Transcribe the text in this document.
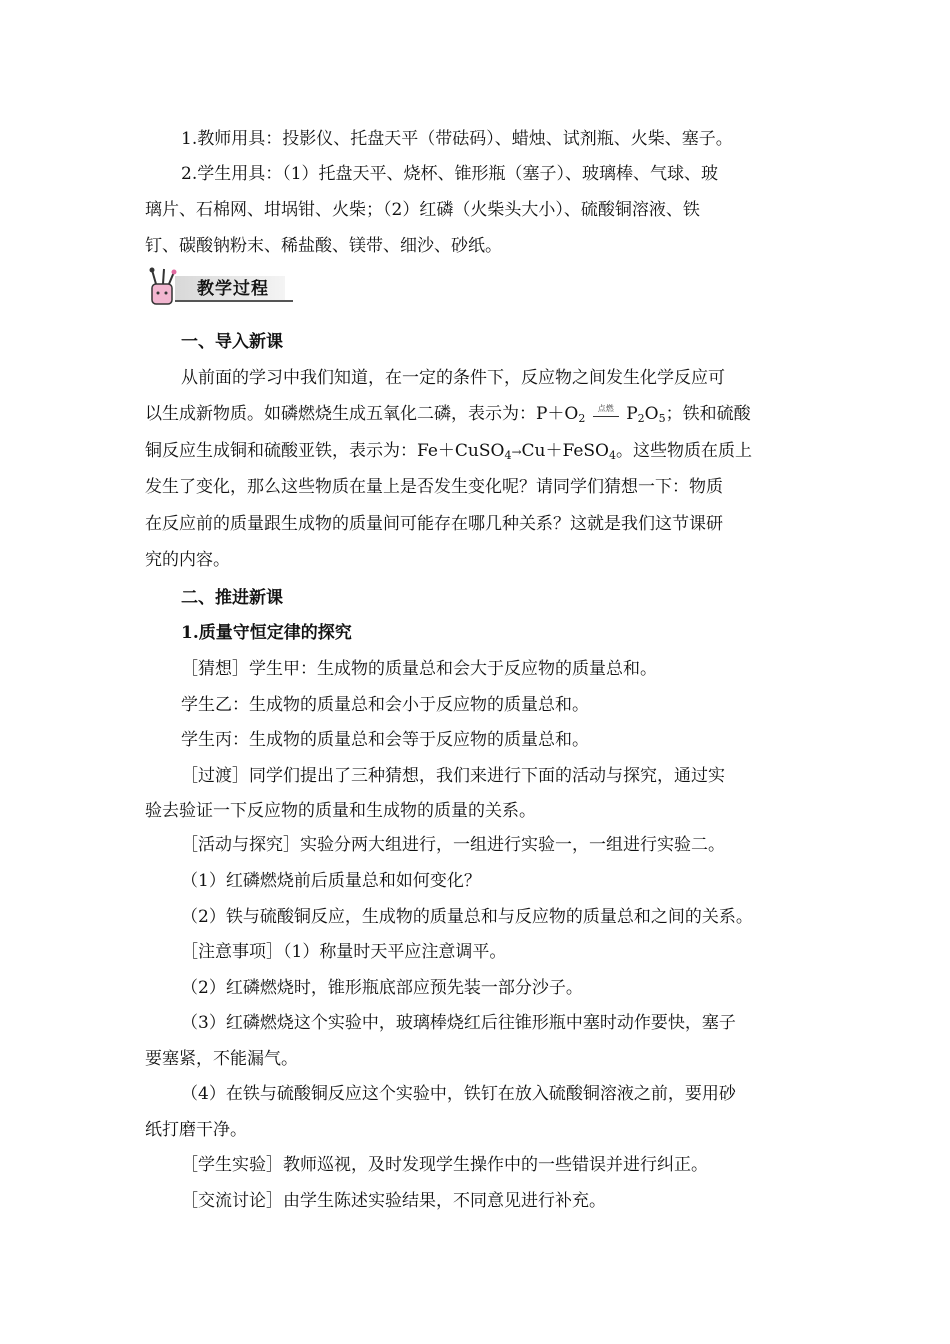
1.教师用具：投影仪、托盘天平（带砝码）、蜡烛、试剂瓶、火柴、塞子。
2.学生用具：（1）托盘天平、烧杯、锥形瓶（塞子）、玻璃棒、气球、玻
璃片、石棉网、坩埚钳、火柴；（2）红磷（火柴头大小）、硫酸铜溶液、铁
钉、碳酸钠粉末、稀盐酸、镁带、细沙、砂纸。
教学过程
一、导入新课
从前面的学习中我们知道，在一定的条件下，反应物之间发生化学反应可
以生成新物质。如磷燃烧生成五氧化二磷，表示为：$P+O_2$
点燃 $P_2O_5$；铁和硫酸
铜反应生成铜和硫酸亚铁，表示为：Fe＋CuSO$_4$→Cu＋FeSO$_4$。这些物质在质上
发生了变化，那么这些物质在量上是否发生变化呢？请同学们猜想一下：物质
在反应前的质量跟生成物的质量间可能存在哪几种关系？这就是我们这节课研
究的内容。
二、推进新课
1.质量守恒定律的探究
［猜想］学生甲：生成物的质量总和会大于反应物的质量总和。
学生乙：生成物的质量总和会小于反应物的质量总和。
学生丙：生成物的质量总和会等于反应物的质量总和。
［过渡］同学们提出了三种猜想，我们来进行下面的活动与探究，通过实
验去验证一下反应物的质量和生成物的质量的关系。
［活动与探究］实验分两大组进行，一组进行实验一，一组进行实验二。
（1）红磷燃烧前后质量总和如何变化？
（2）铁与硫酸铜反应，生成物的质量总和与反应物的质量总和之间的关系。
［注意事项］（1）称量时天平应注意调平。
（2）红磷燃烧时，锥形瓶底部应预先装一部分沙子。
（3）红磷燃烧这个实验中，玻璃棒烧红后往锥形瓶中塞时动作要快，塞子
要塞紧，不能漏气。
（4）在铁与硫酸铜反应这个实验中，铁钉在放入硫酸铜溶液之前，要用砂
纸打磨干净。
［学生实验］教师巡视，及时发现学生操作中的一些错误并进行纠正。
［交流讨论］由学生陈述实验结果，不同意见进行补充。
